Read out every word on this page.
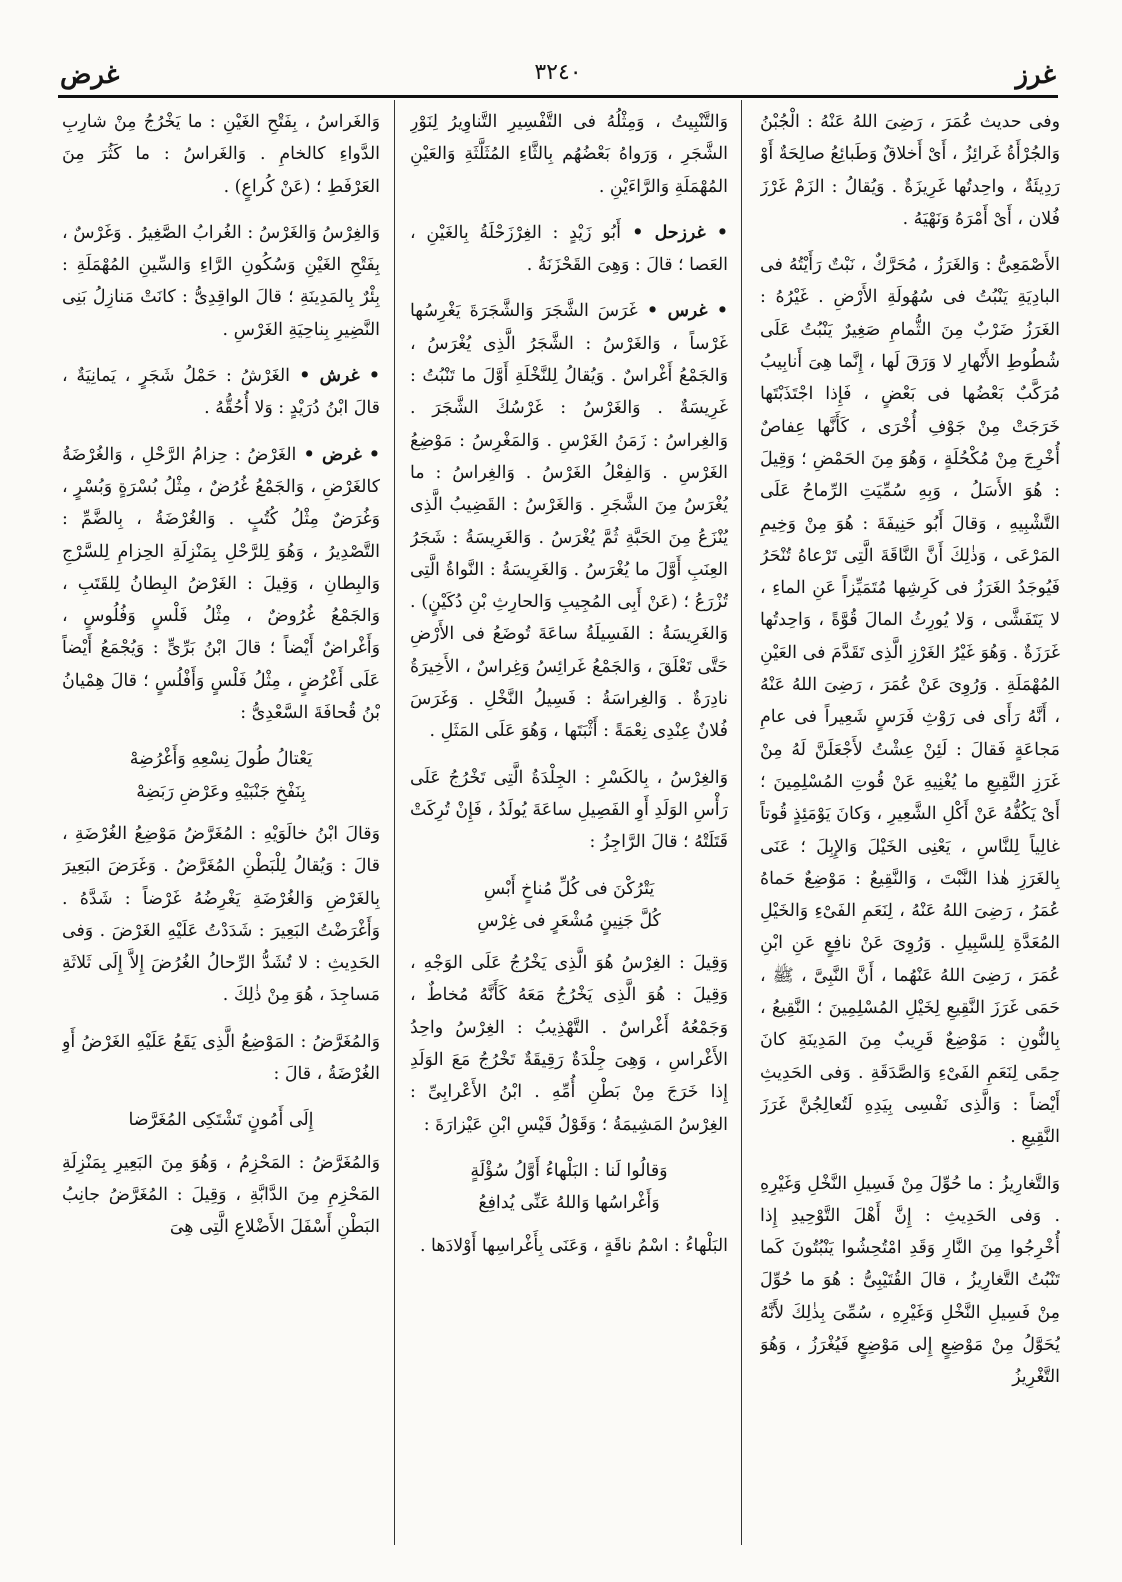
غرز
٣٢٤٠
غرض

وفى حديث عُمَرَ ، رَضِىَ اللهُ عَنْهُ : الْجُبْنُ وَالجُرْأَةُ غَرائِزُ ، أَىْ أَخلاقٌ وَطَبائِعُ صالِحَةٌ أَوْ رَدِيئَةٌ ، واحِدتُها غَرِيزَةٌ . وَيُقالُ : الزَمْ غَرْزَ فُلان ، أَىْ أَمْرَهُ وَنَهْيَهُ .

الأَصْمَعِىُّ : وَالغَرَزُ ، مُحَرَّكٌ ، نَبْتٌ رَأَيْتُهُ فى البادِيَةِ يَنْبُتُ فى سُهُولَةِ الأَرْضِ . غَيْرُهُ : الغَرَزُ ضَرْبٌ مِنَ الثُّمامِ صَغِيرٌ يَنْبُتُ عَلَى شُطُوطِ الأَنْهارِ لا وَرَقَ لَها ، إِنَّما هِىَ أَنابِيبُ مُرَكَّبٌ بَعْضُها فى بَعْضٍ ، فَإِذا اجْتَذَبْتَها خَرَجَتْ مِنْ جَوْفِ أُخْرَى ، كَأَنَّها عِفاصٌ أُخْرِجَ مِنْ مُكْحُلَةٍ ، وَهُوَ مِنَ الحَمْضِ ؛ وَقِيلَ : هُوَ الأَسَلُ ، وَبِهِ سُمِّيَتِ الرِّماحُ عَلَى التَّشْبِيهِ ، وَقالَ أَبُو حَنِيفَةَ : هُوَ مِنْ وَخِيمِ المَرْعَى ، وَذٰلِكَ أَنَّ النَّاقَةَ الَّتِى تَرْعاهُ تُنْحَرُ فَيُوجَدُ الغَرَزُ فى كَرِشِها مُتَمَيِّزاً عَنِ الماءِ ، لا يَتَفَشَّى ، وَلا يُورِثُ المالَ قُوَّةً ، وَاحِدتُها غَرَزَةٌ . وَهُوَ غَيْرُ الغَرْزِ الَّذِى تَقَدَّمَ فى العَيْنِ المُهْمَلَةِ . وَرُوِىَ عَنْ عُمَرَ ، رَضِىَ اللهُ عَنْهُ ، أَنَّهُ رَأَى فى رَوْثِ فَرَسٍ شَعِيراً فى عامِ مَجاعَةٍ فَقالَ : لَئِنْ عِشْتُ لأَجْعَلَنَّ لَهُ مِنْ غَرَزِ النَّقِيعِ ما يُغْنِيهِ عَنْ قُوتِ المُسْلِمِينَ ؛ أَىْ يَكُفُّهُ عَنْ أَكْلِ الشَّعِيرِ ، وَكانَ يَوْمَئِذٍ قُوتاً غالِياً لِلنَّاسِ ، يَعْنِى الخَيْلَ وَالإِبِلَ ؛ عَنَى بِالغَرَزِ هٰذا النَّبْتَ ، وَالنَّقِيعُ : مَوْضِعٌ حَماهُ عُمَرُ ، رَضِىَ اللهُ عَنْهُ ، لِنَعَمِ الفَىْءِ وَالخَيْلِ المُعَدَّةِ لِلسَّبِيلِ . وَرُوِىَ عَنْ نافِعٍ عَنِ ابْنِ عُمَرَ ، رَضِىَ اللهُ عَنْهُما ، أَنَّ النَّبِىَّ ، ﷺ ، حَمَى غَرَزَ النَّقِيعِ لِخَيْلِ المُسْلِمِينَ ؛ النَّقِيعُ ، بِالنُّونِ : مَوْضِعٌ قَرِيبٌ مِنَ المَدِينَةِ كانَ حِمًى لِنَعَمِ الفَىْءِ وَالصَّدَقَةِ . وَفى الحَدِيثِ أَيْضاً : وَالَّذِى نَفْسِى بِيَدِهِ لَتُعالِجُنَّ غَرَزَ النَّقِيعِ .

وَالتَّغارِيزُ : ما حُوِّلَ مِنْ فَسِيلِ النَّخْلِ وَغَيْرِهِ . وَفى الحَدِيثِ : إِنَّ أَهْلَ التَّوْحِيدِ إِذا أُخْرِجُوا مِنَ النَّارِ وَقَدِ امْتُحِشُوا يَنْبُتُونَ كَما تَنْبُتُ التَّغارِيزُ ، قالَ القُتَيْبِىُّ : هُوَ ما حُوِّلَ مِنْ فَسِيلِ النَّخْلِ وَغَيْرِهِ ، سُمِّىَ بِذٰلِكَ لأَنَّهُ يُحَوَّلُ مِنْ مَوْضِعٍ إِلى مَوْضِعٍ فَيُغْرَزُ ، وَهُوَ التَّغْرِيزُ

وَالتَّنْبِيتُ ، وَمِثْلُهُ فى التَّفْسِيرِ التَّناوِيرُ لِنَوْرِ الشَّجَرِ ، وَرَواهُ بَعْضُهُم بِالثَّاءِ المُثَلَّثَةِ وَالعَيْنِ المُهْمَلَةِ وَالرَّاءَيْنِ .

• غرزحل • أَبُو زَيْدٍ : الغِرْزَحْلَةُ بِالغَيْنِ ، العَصا ؛ قالَ : وَهِىَ القَحْزَنَةُ .

• غرس • غَرَسَ الشَّجَرَ وَالشَّجَرَةَ يَغْرِسُها غَرْساً ، وَالغَرْسُ : الشَّجَرُ الَّذِى يُغْرَسُ ، وَالجَمْعُ أَغْراسٌ . وَيُقالُ لِلنَّخْلَةِ أَوَّلَ ما تَنْبُتُ : غَرِيسَةٌ . وَالغَرْسُ : غَرْسُكَ الشَّجَرَ . وَالغِراسُ : زَمَنُ الغَرْسِ . وَالمَغْرِسُ : مَوْضِعُ الغَرْسِ . وَالفِعْلُ الغَرْسُ . وَالغِراسُ : ما يُغْرَسُ مِنَ الشَّجَرِ . وَالغَرْسُ : القَضِيبُ الَّذِى يُنْزَعُ مِنَ الحَبَّةِ ثُمَّ يُغْرَسُ . وَالغَرِيسَةُ : شَجَرُ العِنَبِ أَوَّلَ ما يُغْرَسُ . وَالغَرِيسَةُ : النَّواةُ الَّتِى تُزْرَعُ ؛ (عَنْ أَبِى المُجِيبِ وَالحارِثِ بْنِ دُكَيْنٍ) . وَالغَرِيسَةُ : الفَسِيلَةُ ساعَةَ تُوضَعُ فى الأَرْضِ حَتَّى تَعْلَقَ ، وَالجَمْعُ غَرائِسُ وَغِراسٌ ، الأَخِيرَةُ نادِرَةٌ . وَالغِراسَةُ : فَسِيلُ النَّخْلِ . وَغَرَسَ فُلانٌ عِنْدِى نِعْمَةً : أَثْبَتَها ، وَهُوَ عَلَى المَثَلِ .

وَالغِرْسُ ، بِالكَسْرِ : الجِلْدَةُ الَّتِى تَخْرُجُ عَلَى رَأْسِ الوَلَدِ أَوِ الفَصِيلِ ساعَةَ يُولَدُ ، فَإِنْ تُرِكَتْ قَتَلَتْهُ ؛ قالَ الرَّاجِزُ :

يَتْرُكْنَ فى كُلِّ مُناخٍ أَبْسِ
كُلَّ جَنِينٍ مُشْعَرٍ فى غِرْسِ

وَقِيلَ : الغِرْسُ هُوَ الَّذِى يَخْرُجُ عَلَى الوَجْهِ ، وَقِيلَ : هُوَ الَّذِى يَخْرُجُ مَعَهُ كَأَنَّهُ مُخاطٌ ، وَجَمْعُهُ أَغْراسٌ . التَّهْذِيبُ : الغِرْسُ واحِدُ الأَغْراسِ ، وَهِىَ جِلْدَةٌ رَقِيقَةٌ تَخْرُجُ مَعَ الوَلَدِ إِذا خَرَجَ مِنْ بَطْنِ أُمِّهِ . ابْنُ الأَعْرابِىِّ : الغِرْسُ المَشِيمَةُ ؛ وَقَوْلُ قَيْسِ ابْنِ عَيْزارَةَ :

وَقالُوا لَنا : البَلْهاءُ أَوَّلُ سُؤْلَةٍ
وَأَغْراسُها وَاللهُ عَنِّى يُدافِعُ

البَلْهاءُ : اسْمُ ناقَةٍ ، وَعَنَى بِأَغْراسِها أَوْلادَها .

وَالغَراسُ ، بِفَتْحِ الغَيْنِ : ما يَخْرُجُ مِنْ شارِبِ الدَّواءِ كالخامِ . وَالغَراسُ : ما كَثُرَ مِنَ العَرْفَطِ ؛ (عَنْ كُراعٍ) .

وَالغِرْسُ وَالغَرْسُ : الغُرابُ الصَّغِيرُ . وَغَرْسٌ ، بِفَتْحِ الغَيْنِ وَسُكُونِ الرَّاءِ وَالسِّينِ المُهْمَلَةِ : بِئْرٌ بِالمَدِينَةِ ؛ قالَ الواقِدِىُّ : كانَتْ مَنازِلُ بَنِى النَّضِيرِ بِناحِيَةِ الغَرْسِ .

• غرش • الغَرْشُ : حَمْلُ شَجَرٍ ، يَمانِيَةٌ ، قالَ ابْنُ دُرَيْدٍ : وَلا أُحُقُّهُ .

• غرض • الغَرْضُ : حِزامُ الرَّحْلِ ، وَالغُرْضَةُ كالغَرْضِ ، وَالجَمْعُ غُرُضٌ ، مِثْلُ بُسْرَةٍ وَبُسْرٍ ، وَغُرَضٌ مِثْلُ كُتُبٍ . وَالغُرْضَةُ ، بِالضَّمِّ : التَّصْدِيرُ ، وَهُوَ لِلرَّحْلِ بِمَنْزِلَةِ الحِزامِ لِلسَّرْجِ وَالبِطانِ ، وَقِيلَ : الغَرْضُ البِطانُ لِلقَتَبِ ، وَالجَمْعُ غُرُوضٌ ، مِثْلُ فَلْسٍ وَفُلُوسٍ ، وَأَغْراضٌ أَيْضاً ؛ قالَ ابْنُ بَرِّىٍّ : وَيُجْمَعُ أَيْضاً عَلَى أَغْرُضٍ ، مِثْلُ فَلْسٍ وَأَفْلُسٍ ؛ قالَ هِمْيانُ بْنُ قُحافَةَ السَّعْدِىُّ :

يَعْتالُ طُولَ نِسْعِهِ وَأَغْرُضِهْ
بِنَفْخِ جَنْبَيْهِ وعَرْضِ رَبَضِهْ

وَقالَ ابْنُ خالَوَيْهِ : المُغَرَّضُ مَوْضِعُ الغُرْضَةِ ، قالَ : وَيُقالُ لِلْبَطْنِ المُغَرَّضُ . وَغَرَضَ البَعِيرَ بِالغَرْضِ وَالغُرْضَةِ يَغْرِضُهُ غَرْضاً : شَدَّهُ . وَأَغْرَضْتُ البَعِيرَ : شَدَدْتُ عَلَيْهِ الغَرْضَ . وَفى الحَدِيثِ : لا تُشَدُّ الرِّحالُ الغُرُضَ إِلاَّ إِلَى ثَلاثَةِ مَساجِدَ ، هُوَ مِنْ ذٰلِكَ .

وَالمُغَرَّضُ : المَوْضِعُ الَّذِى يَقَعُ عَلَيْهِ الغَرْضُ أَوِ الغُرْضَةُ ، قالَ :

إِلَى أَمُونٍ تَشْتَكِى المُغَرَّضا

وَالمُغَرَّضُ : المَحْزِمُ ، وَهُوَ مِنَ البَعِيرِ بِمَنْزِلَةِ المَحْزِمِ مِنَ الدَّابَّةِ ، وَقِيلَ : المُغَرَّضُ جانِبُ البَطْنِ أَسْفَلَ الأَضْلاعِ الَّتِى هِىَ
